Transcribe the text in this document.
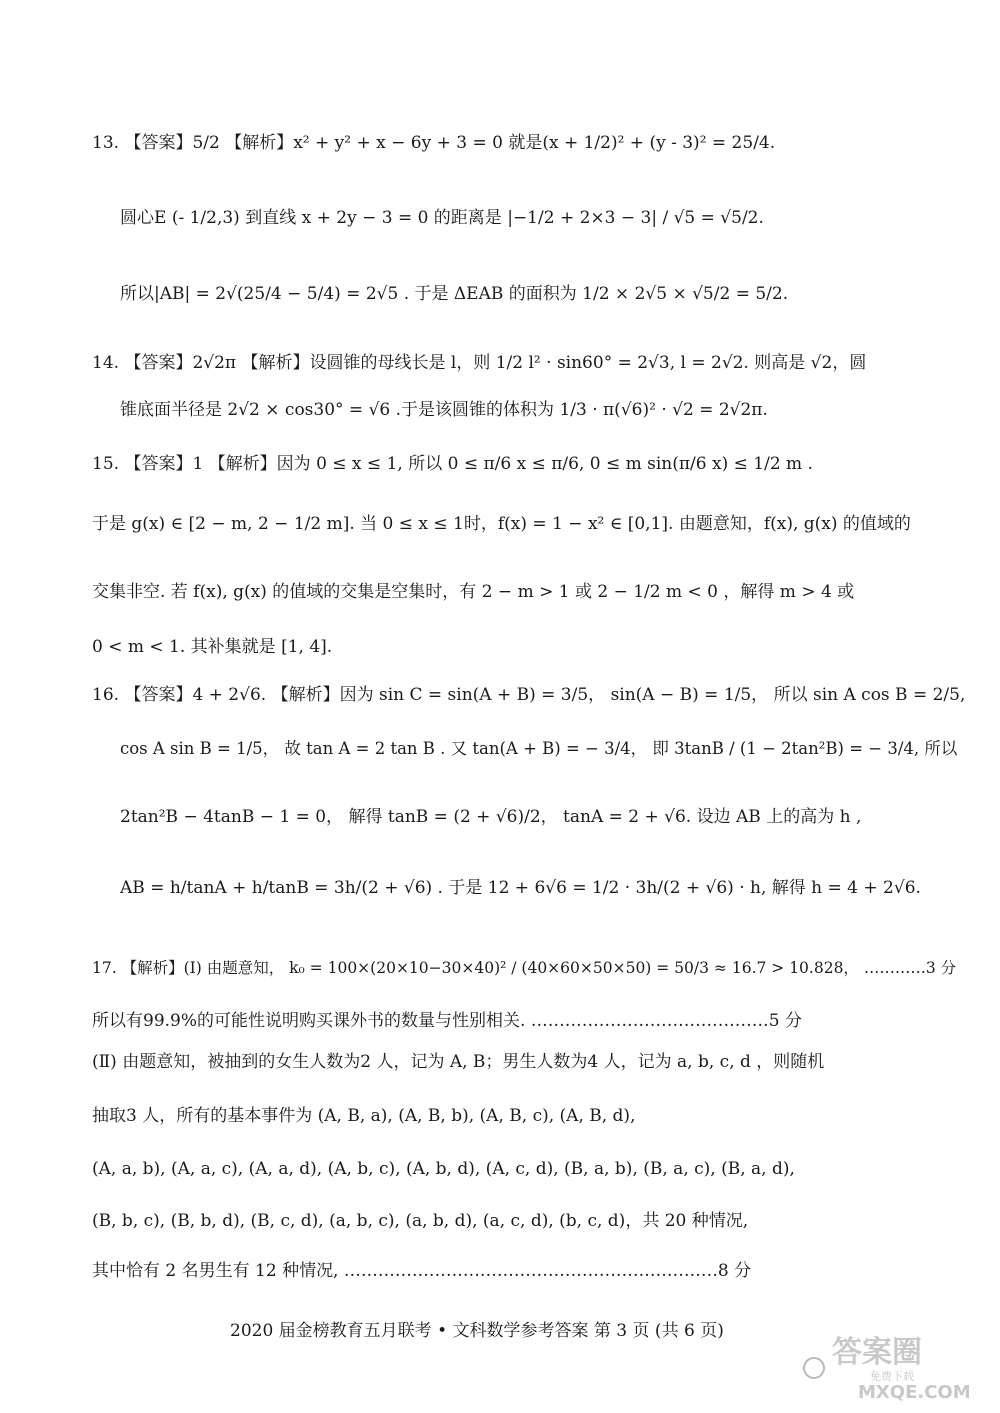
13. 【答案】5/2 【解析】x² + y² + x − 6y + 3 = 0 就是(x + 1/2)² + (y - 3)² = 25/4.
圆心E (- 1/2,3) 到直线 x + 2y − 3 = 0 的距离是 |−1/2 + 2×3 − 3| / √5 = √5/2.
所以|AB| = 2√(25/4 − 5/4) = 2√5 . 于是 ΔEAB 的面积为 1/2 × 2√5 × √5/2 = 5/2.
14. 【答案】2√2π 【解析】设圆锥的母线长是 l，则 1/2 l² · sin60° = 2√3, l = 2√2. 则高是 √2，圆
锥底面半径是 2√2 × cos30° = √6 .于是该圆锥的体积为 1/3 · π(√6)² · √2 = 2√2π.
15. 【答案】1 【解析】因为 0 ≤ x ≤ 1, 所以 0 ≤ π/6 x ≤ π/6, 0 ≤ m sin(π/6 x) ≤ 1/2 m .
于是 g(x) ∈ [2 − m, 2 − 1/2 m]. 当 0 ≤ x ≤ 1时，f(x) = 1 − x² ∈ [0,1]. 由题意知，f(x), g(x) 的值域的
交集非空. 若 f(x), g(x) 的值域的交集是空集时，有 2 − m > 1 或 2 − 1/2 m < 0 ，解得 m > 4 或
0 < m < 1. 其补集就是 [1, 4].
16. 【答案】4 + 2√6. 【解析】因为 sin C = sin(A + B) = 3/5， sin(A − B) = 1/5， 所以 sin A cos B = 2/5,
cos A sin B = 1/5， 故 tan A = 2 tan B . 又 tan(A + B) = − 3/4， 即 3tanB / (1 − 2tan²B) = − 3/4, 所以
2tan²B − 4tanB − 1 = 0， 解得 tanB = (2 + √6)/2， tanA = 2 + √6. 设边 AB 上的高为 h ,
AB = h/tanA + h/tanB = 3h/(2 + √6) . 于是 12 + 6√6 = 1/2 · 3h/(2 + √6) · h, 解得 h = 4 + 2√6.
17. 【解析】(Ⅰ) 由题意知， k₀ = 100×(20×10−30×40)² / (40×60×50×50) = 50/3 ≈ 16.7 > 10.828， …………3 分
所以有99.9%的可能性说明购买课外书的数量与性别相关. ……………………………………5 分
(Ⅱ) 由题意知，被抽到的女生人数为2 人，记为 A, B；男生人数为4 人，记为 a, b, c, d ，则随机
抽取3 人，所有的基本事件为 (A, B, a), (A, B, b), (A, B, c), (A, B, d),
(A, a, b), (A, a, c), (A, a, d), (A, b, c), (A, b, d), (A, c, d), (B, a, b), (B, a, c), (B, a, d),
(B, b, c), (B, b, d), (B, c, d), (a, b, c), (a, b, d), (a, c, d), (b, c, d)，共 20 种情况,
其中恰有 2 名男生有 12 种情况, …………………………………………………………8 分
2020 届金榜教育五月联考 • 文科数学参考答案 第 3 页 (共 6 页)
答案圈
免费下载
MXQE.COM
